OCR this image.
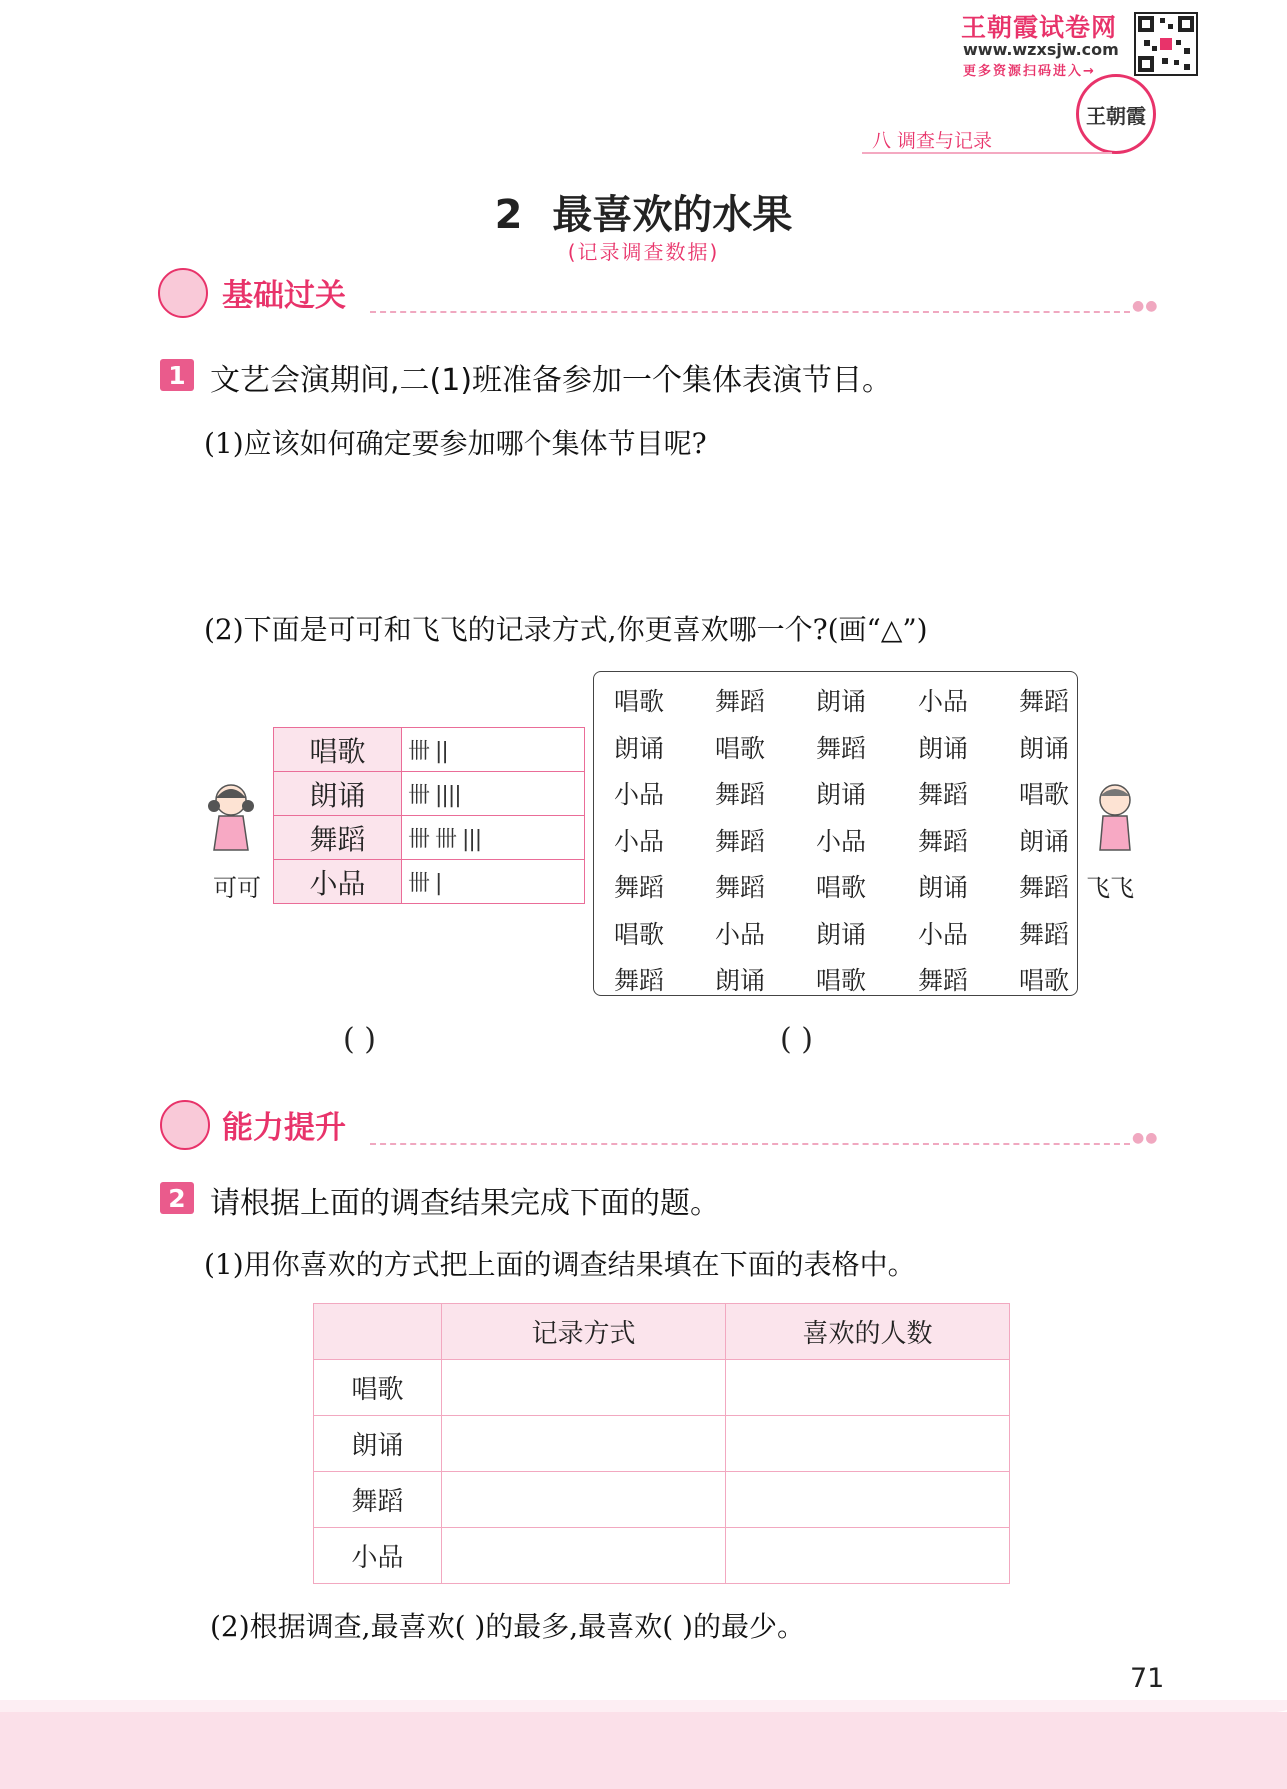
王朝霞试卷网
www.wzxsjw.com
更多资源扫码进入→
王朝霞
八 调查与记录
2 最喜欢的水果
(记录调查数据)
基础过关	●●
1 文艺会演期间,二(1)班准备参加一个集体表演节目。
(1)应该如何确定要参加哪个集体节目呢?
(2)下面是可可和飞飞的记录方式,你更喜欢哪一个?(画“△”)
可可
唱歌	卌 ||
朗诵	卌 ||||
舞蹈	卌 卌 |||
小品	卌 |
唱歌	舞蹈	朗诵	小品	舞蹈
朗诵	唱歌	舞蹈	朗诵	朗诵
小品	舞蹈	朗诵	舞蹈	唱歌
小品	舞蹈	小品	舞蹈	朗诵
舞蹈	舞蹈	唱歌	朗诵	舞蹈
唱歌	小品	朗诵	小品	舞蹈
舞蹈	朗诵	唱歌	舞蹈	唱歌
飞飞
( )	( )
能力提升	●●
2 请根据上面的调查结果完成下面的题。
(1)用你喜欢的方式把上面的调查结果填在下面的表格中。
	记录方式	喜欢的人数
唱歌		
朗诵		
舞蹈		
小品		
(2)根据调查,最喜欢( )的最多,最喜欢( )的最少。
71
